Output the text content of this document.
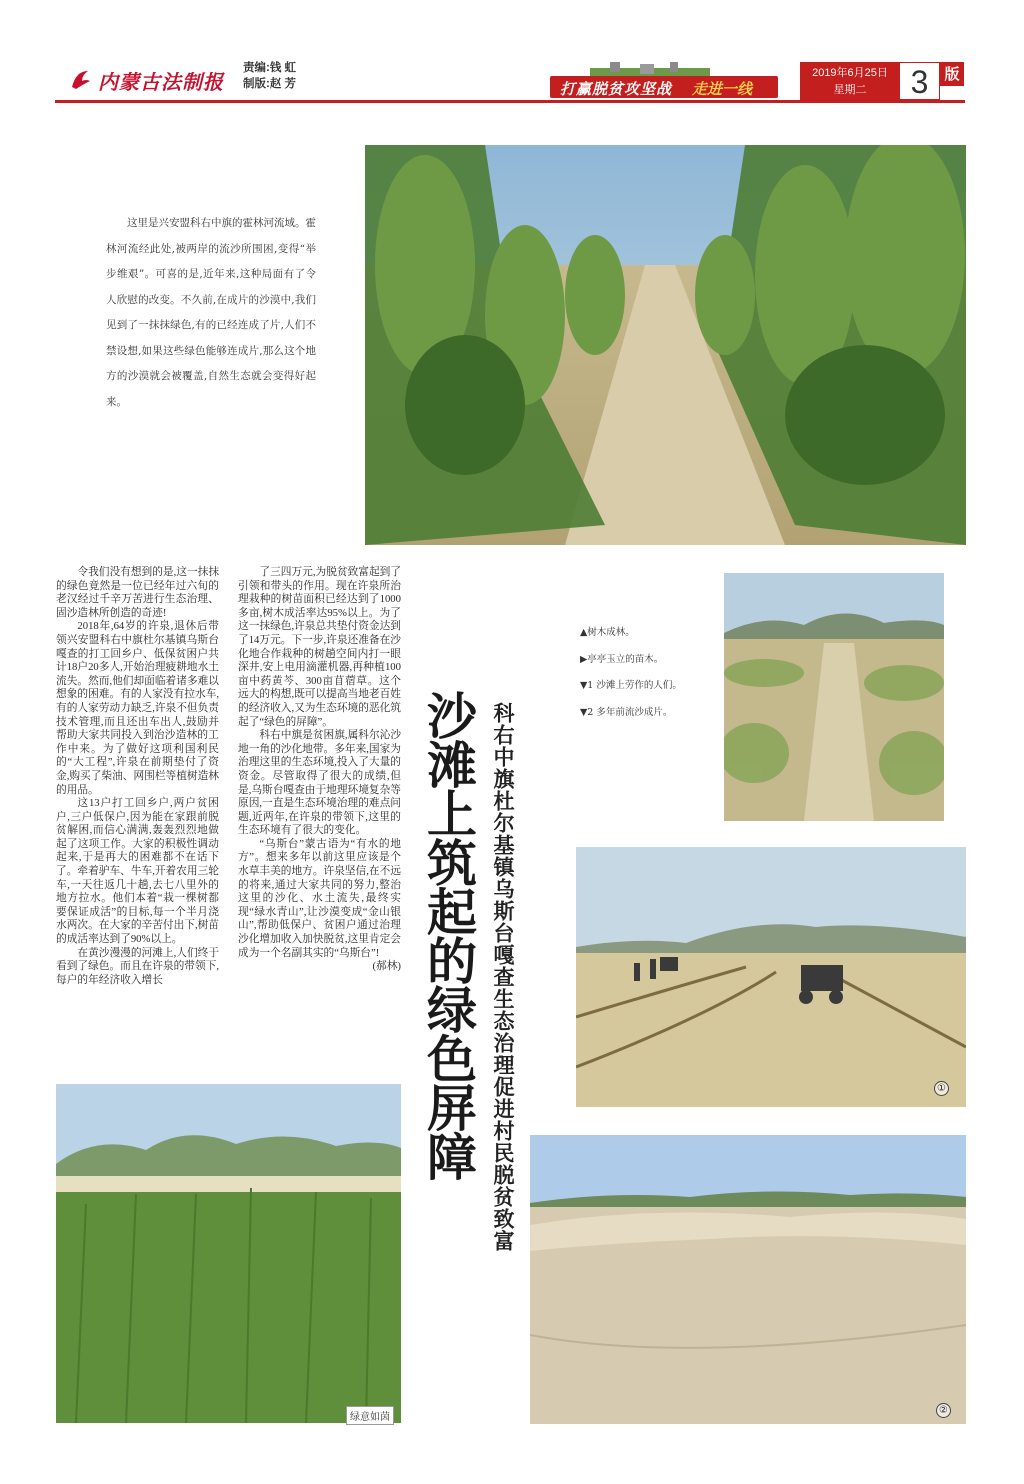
内蒙古法制报
责编:钱 虹
制版:赵 芳	打赢脱贫攻坚战 走进一线
2019年6月25日
星期二	3	版
这里是兴安盟科右中旗的霍林河流域。霍林河流经此处,被两岸的流沙所围困,变得“举步维艰”。可喜的是,近年来,这种局面有了令人欣慰的改变。不久前,在成片的沙漠中,我们见到了一抹抹绿色,有的已经连成了片,人们不禁设想,如果这些绿色能够连成片,那么这个地方的沙漠就会被覆盖,自然生态就会变得好起来。

令我们没有想到的是,这一抹抹的绿色竟然是一位已经年过六旬的老汉经过千辛万苦进行生态治理、固沙造林所创造的奇迹!

2018年,64岁的许泉,退休后带领兴安盟科右中旗杜尔基镇乌斯台嘎查的打工回乡户、低保贫困户共计18户20多人,开始治理疲耕地水土流失。然而,他们却面临着诸多难以想象的困难。有的人家没有拉水车,有的人家劳动力缺乏,许泉不但负责技术管理,而且还出车出人,鼓励并帮助大家共同投入到治沙造林的工作中来。为了做好这项利国利民的“大工程”,许泉在前期垫付了资金,购买了柴油、网围栏等植树造林的用品。

这13户打工回乡户,两户贫困户,三户低保户,因为能在家跟前脱贫解困,而信心满满,轰轰烈烈地做起了这项工作。大家的积极性调动起来,于是再大的困难都不在话下了。牵着驴车、牛车,开着农用三轮车,一天往返几十趟,去七八里外的地方拉水。他们本着“栽一棵树都要保证成活”的目标,每一个半月浇水两次。在大家的辛苦付出下,树苗的成活率达到了90%以上。

在黄沙漫漫的河滩上,人们终于看到了绿色。而且在许泉的带领下,每户的年经济收入增长

了三四万元,为脱贫致富起到了引领和带头的作用。现在许泉所治理栽种的树苗面积已经达到了1000多亩,树木成活率达95%以上。为了这一抹绿色,许泉总共垫付资金达到了14万元。下一步,许泉还准备在沙化地合作栽种的树趟空间内打一眼深井,安上电用滴灌机器,再种植100亩中药黄芩、300亩苜蓿草。这个远大的构想,既可以提高当地老百姓的经济收入,又为生态环境的恶化筑起了“绿色的屏障”。

科右中旗是贫困旗,属科尔沁沙地一角的沙化地带。多年来,国家为治理这里的生态环境,投入了大量的资金。尽管取得了很大的成绩,但是,乌斯台嘎查由于地理环境复杂等原因,一直是生态环境治理的难点问题,近两年,在许泉的带领下,这里的生态环境有了很大的变化。

“乌斯台”蒙古语为“有水的地方”。想来多年以前这里应该是个水草丰美的地方。许泉坚信,在不远的将来,通过大家共同的努力,整治这里的沙化、水土流失,最终实现“绿水青山”,让沙漠变成“金山银山”,帮助低保户、贫困户通过治理沙化增加收入加快脱贫,这里肯定会成为一个名副其实的“乌斯台”!

(郝林) 沙滩上筑起的绿色屏障 科右中旗杜尔基镇乌斯台嘎查生态治理促进村民脱贫致富

▲树木成林。

▶亭亭玉立的苗木。

▼1 沙滩上劳作的人们。

▼2 多年前流沙成片。

①
②
绿意如茵
